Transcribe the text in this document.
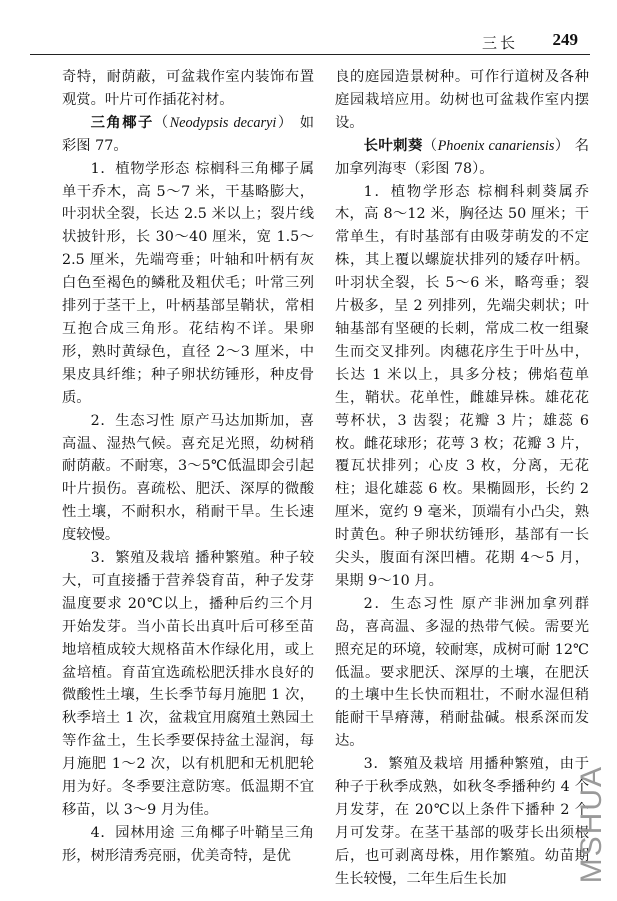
三长 249

奇特，耐荫蔽，可盆栽作室内装饰布置观赏。叶片可作插花衬材。

三角椰子（Neodypsis decaryi） 如彩图 77。

1．植物学形态 棕榈科三角椰子属单干乔木，高 5～7 米，干基略膨大，叶羽状全裂，长达 2.5 米以上；裂片线状披针形，长 30～40 厘米，宽 1.5～2.5 厘米，先端弯垂；叶轴和叶柄有灰白色至褐色的鳞秕及粗伏毛；叶常三列排列于茎干上，叶柄基部呈鞘状，常相互抱合成三角形。花结构不详。果卵形，熟时黄绿色，直径 2～3 厘米，中果皮具纤维；种子卵状纺锤形，种皮骨质。

2．生态习性 原产马达加斯加，喜高温、湿热气候。喜充足光照，幼树稍耐荫蔽。不耐寒，3～5℃低温即会引起叶片损伤。喜疏松、肥沃、深厚的微酸性土壤，不耐积水，稍耐干旱。生长速度较慢。

3．繁殖及栽培 播种繁殖。种子较大，可直接播于营养袋育苗，种子发芽温度要求 20℃以上，播种后约三个月开始发芽。当小苗长出真叶后可移至苗地培植成较大规格苗木作绿化用，或上盆培植。育苗宜选疏松肥沃排水良好的微酸性土壤，生长季节每月施肥 1 次，秋季培土 1 次，盆栽宜用腐殖土熟园土等作盆土，生长季要保持盆土湿润，每月施肥 1～2 次，以有机肥和无机肥轮用为好。冬季要注意防寒。低温期不宜移苗，以 3～9 月为佳。

4．园林用途 三角椰子叶鞘呈三角形，树形清秀亮丽，优美奇特，是优

良的庭园造景树种。可作行道树及各种庭园栽培应用。幼树也可盆栽作室内摆设。

长叶刺葵（Phoenix canariensis） 名加拿列海枣（彩图 78）。

1．植物学形态 棕榈科刺葵属乔木，高 8～12 米，胸径达 50 厘米；干常单生，有时基部有由吸芽萌发的不定株，其上覆以螺旋状排列的矮存叶柄。叶羽状全裂，长 5～6 米，略弯垂；裂片极多，呈 2 列排列，先端尖刺状；叶轴基部有坚硬的长刺，常成二枚一组聚生而交叉排列。肉穗花序生于叶丛中，长达 1 米以上，具多分枝；佛焰苞单生，鞘状。花单性，雌雄异株。雄花花萼杯状，3 齿裂；花瓣 3 片；雄蕊 6 枚。雌花球形；花萼 3 枚；花瓣 3 片，覆瓦状排列；心皮 3 枚，分离，无花柱；退化雄蕊 6 枚。果椭圆形，长约 2 厘米，宽约 9 毫米，顶端有小凸尖，熟时黄色。种子卵状纺锤形，基部有一长尖头，腹面有深凹槽。花期 4～5 月，果期 9～10 月。

2．生态习性 原产非洲加拿列群岛，喜高温、多湿的热带气候。需要光照充足的环境，较耐寒，成树可耐 12℃低温。要求肥沃、深厚的土壤，在肥沃的土壤中生长快而粗壮，不耐水湿但稍能耐干旱瘠薄，稍耐盐碱。根系深而发达。

3．繁殖及栽培 用播种繁殖，由于种子于秋季成熟，如秋冬季播种约 4 个月发芽，在 20℃以上条件下播种 2 个月可发芽。在茎干基部的吸芽长出须根后，也可剥离母株，用作繁殖。幼苗期生长较慢，二年生后生长加	MSHUA
